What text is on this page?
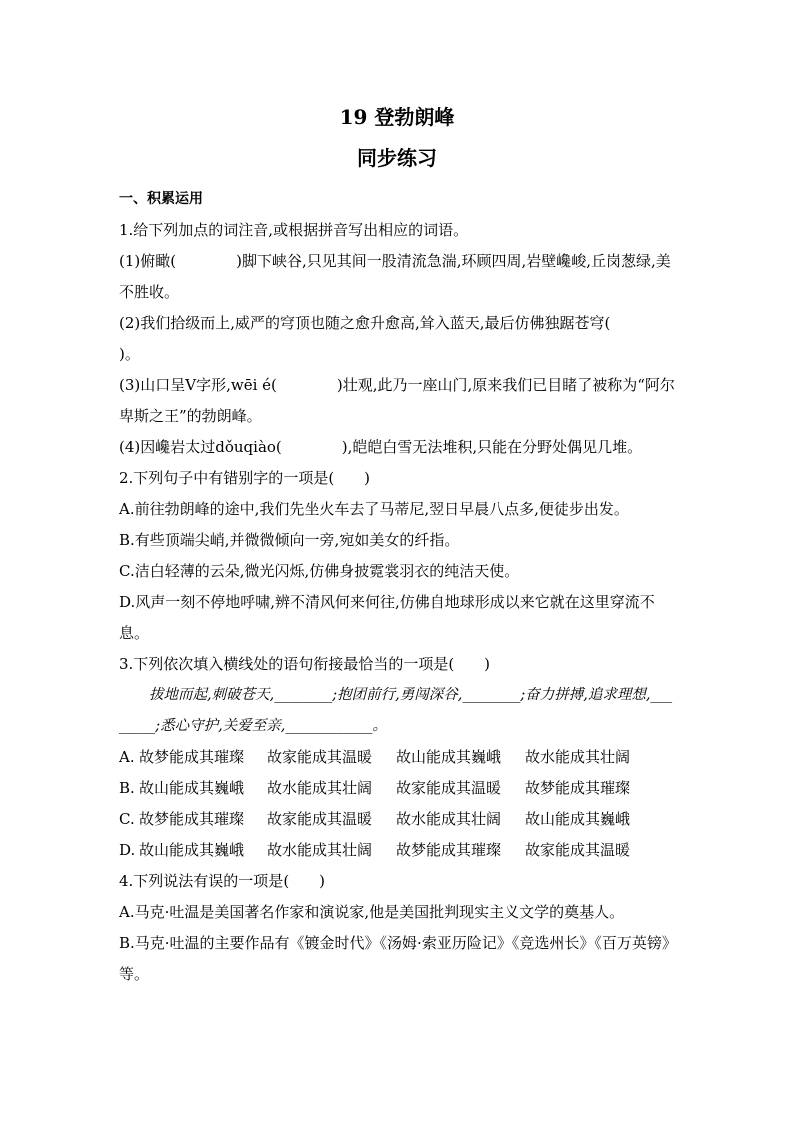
19 登勃朗峰
同步练习

一、积累运用

1.给下列加点的词注音,或根据拼音写出相应的词语。

(1)俯瞰(　　　　)脚下峡谷,只见其间一股清流急湍,环顾四周,岩壁巉峻,丘岗葱绿,美不胜收。

(2)我们拾级而上,威严的穹顶也随之愈升愈高,耸入蓝天,最后仿佛独踞苍穹(　　　　)。

(3)山口呈V字形,wēi é(　　　　)壮观,此乃一座山门,原来我们已目睹了被称为“阿尔卑斯之王”的勃朗峰。

(4)因巉岩太过dǒuqiào(　　　　),皑皑白雪无法堆积,只能在分野处偶见几堆。

2.下列句子中有错别字的一项是(　　)

A.前往勃朗峰的途中,我们先坐火车去了马蒂尼,翌日早晨八点多,便徒步出发。

B.有些顶端尖峭,并微微倾向一旁,宛如美女的纤指。

C.洁白轻薄的云朵,微光闪烁,仿佛身披霓裳羽衣的纯洁天使。

D.风声一刻不停地呼啸,辨不清风何来何往,仿佛自地球形成以来它就在这里穿流不息。

3.下列依次填入横线处的语句衔接最恰当的一项是(　　)

拔地而起,刺破苍天,________;抱团前行,勇闯深谷,________;奋力拼搏,追求理想,________;悉心守护,关爱至亲,____________。

A. 故梦能成其璀璨	故家能成其温暖	故山能成其巍峨	故水能成其壮阔
B. 故山能成其巍峨	故水能成其壮阔	故家能成其温暖	故梦能成其璀璨
C. 故梦能成其璀璨	故家能成其温暖	故水能成其壮阔	故山能成其巍峨
D. 故山能成其巍峨	故水能成其壮阔	故梦能成其璀璨	故家能成其温暖

4.下列说法有误的一项是(　　)

A.马克·吐温是美国著名作家和演说家,他是美国批判现实主义文学的奠基人。

B.马克·吐温的主要作品有《镀金时代》《汤姆·索亚历险记》《竞选州长》《百万英镑》等。
